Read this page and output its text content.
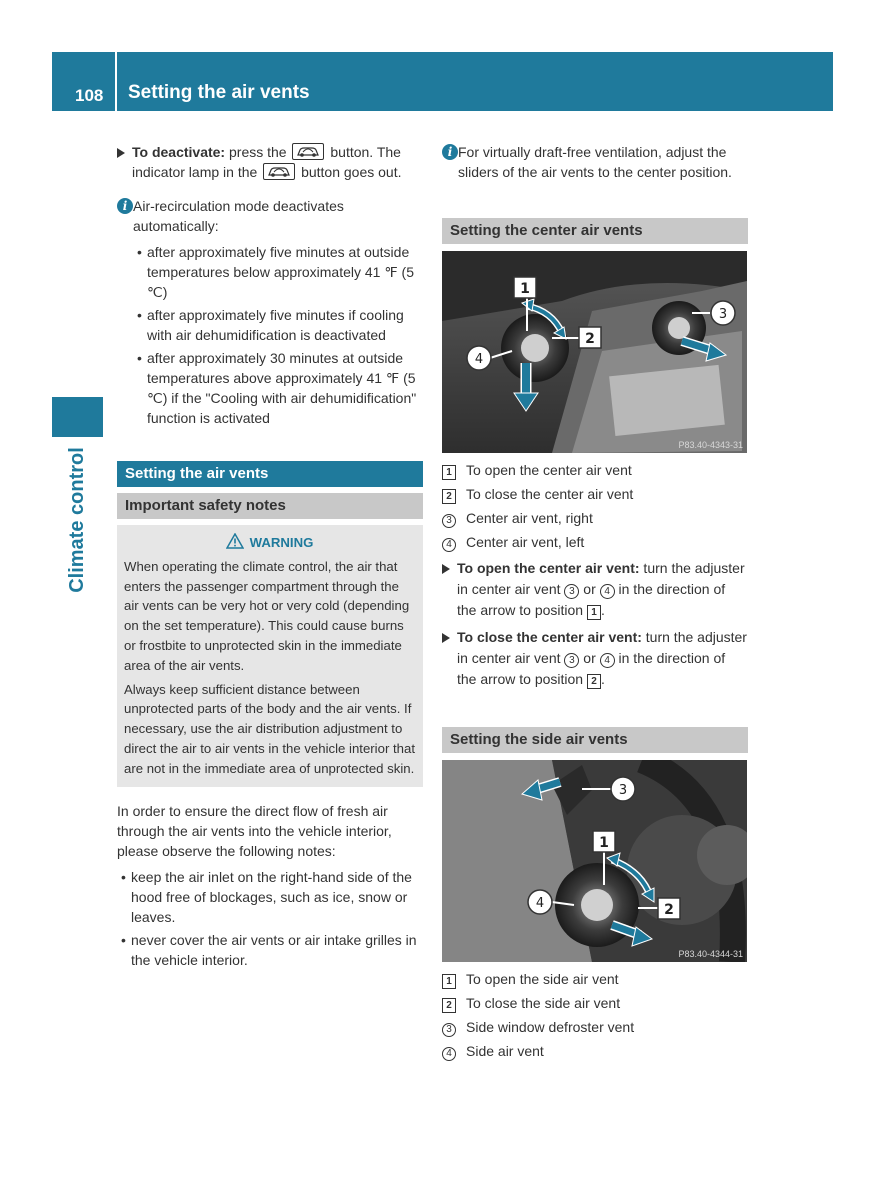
108	Setting the air vents
Climate control

To deactivate: press the	button. The indicator lamp in the	button goes out.

i Air-recirculation mode deactivates automatically:

• after approximately five minutes at outside temperatures below approximately 41 ℉ (5 ℃)
• after approximately five minutes if cooling with air dehumidification is deactivated
• after approximately 30 minutes at outside temperatures above approximately 41 ℉ (5 ℃) if the "Cooling with air dehumidification" function is activated
Setting the air vents
Important safety notes
WARNING

When operating the climate control, the air that enters the passenger compartment through the air vents can be very hot or very cold (depending on the set temperature). This could cause burns or frostbite to unprotected skin in the immediate area of the air vents.

Always keep sufficient distance between unprotected parts of the body and the air vents. If necessary, use the air distribution adjustment to direct the air to air vents in the vehicle interior that are not in the immediate area of unprotected skin.

In order to ensure the direct flow of fresh air through the air vents into the vehicle interior, please observe the following notes:

• keep the air inlet on the right-hand side of the hood free of blockages, such as ice, snow or leaves.
• never cover the air vents or air intake grilles in the vehicle interior.
i For virtually draft-free ventilation, adjust the sliders of the air vents to the center position.

Setting the center air vents
1
2
3
4
P83.40-4343-31
1 To open the center air vent
2 To close the center air vent
3 Center air vent, right
4 Center air vent, left

To open the center air vent: turn the adjuster in center air vent 3 or 4 in the direction of the arrow to position 1 .

To close the center air vent: turn the adjuster in center air vent 3 or 4 in the direction of the arrow to position 2 .

Setting the side air vents
3
1
2
4
P83.40-4344-31
1 To open the side air vent
2 To close the side air vent
3 Side window defroster vent
4 Side air vent
